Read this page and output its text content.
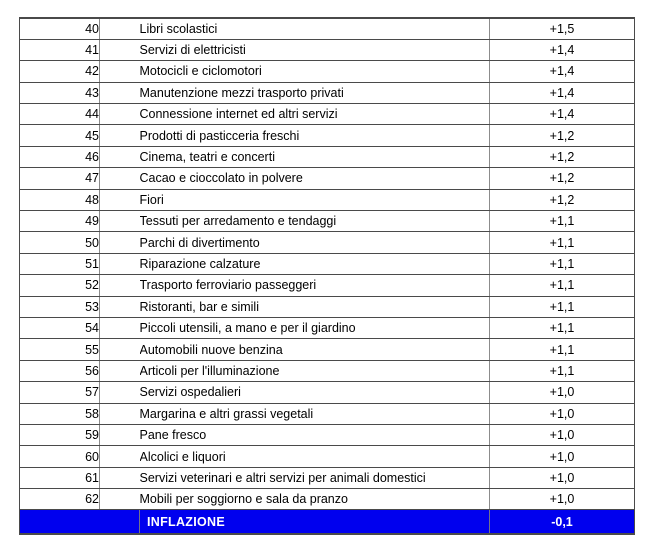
40		Libri scolastici	+1,5
41		Servizi di elettricisti	+1,4
42		Motocicli e ciclomotori	+1,4
43		Manutenzione mezzi trasporto privati	+1,4
44		Connessione internet ed altri servizi	+1,4
45		Prodotti di pasticceria freschi	+1,2
46		Cinema, teatri e concerti	+1,2
47		Cacao e cioccolato in polvere	+1,2
48		Fiori	+1,2
49		Tessuti per arredamento e tendaggi	+1,1
50		Parchi di divertimento	+1,1
51		Riparazione calzature	+1,1
52		Trasporto ferroviario passeggeri	+1,1
53		Ristoranti, bar e simili	+1,1
54		Piccoli utensili, a mano e per il giardino	+1,1
55		Automobili nuove benzina	+1,1
56		Articoli per l'illuminazione	+1,1
57		Servizi ospedalieri	+1,0
58		Margarina e altri grassi vegetali	+1,0
59		Pane fresco	+1,0
60		Alcolici e liquori	+1,0
61		Servizi veterinari e altri servizi per animali domestici	+1,0
62		Mobili per soggiorno e sala da pranzo	+1,0
		INFLAZIONE	-0,1
